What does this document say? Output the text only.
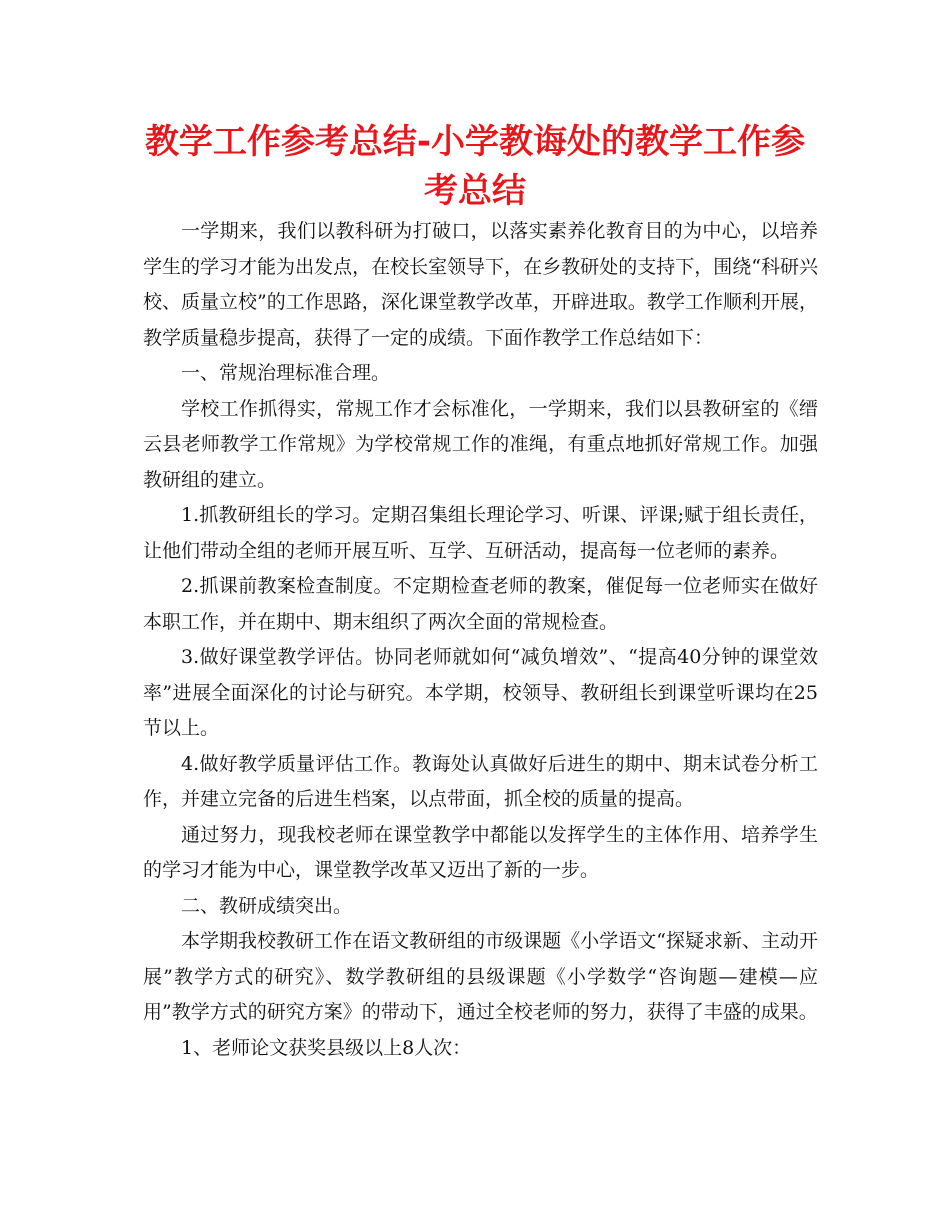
教学工作参考总结-小学教诲处的教学工作参考总结

一学期来，我们以教科研为打破口，以落实素养化教育目的为中心，以培养学生的学习才能为出发点，在校长室领导下，在乡教研处的支持下，围绕“科研兴校、质量立校”的工作思路，深化课堂教学改革，开辟进取。教学工作顺利开展，教学质量稳步提高，获得了一定的成绩。下面作教学工作总结如下：

一、常规治理标准合理。

学校工作抓得实，常规工作才会标准化，一学期来，我们以县教研室的《缙云县老师教学工作常规》为学校常规工作的准绳，有重点地抓好常规工作。加强教研组的建立。

1.抓教研组长的学习。定期召集组长理论学习、听课、评课;赋于组长责任，让他们带动全组的老师开展互听、互学、互研活动，提高每一位老师的素养。

2.抓课前教案检查制度。不定期检查老师的教案，催促每一位老师实在做好本职工作，并在期中、期末组织了两次全面的常规检查。

3.做好课堂教学评估。协同老师就如何“减负增效”、“提高40分钟的课堂效率”进展全面深化的讨论与研究。本学期，校领导、教研组长到课堂听课均在25节以上。

4.做好教学质量评估工作。教诲处认真做好后进生的期中、期末试卷分析工作，并建立完备的后进生档案，以点带面，抓全校的质量的提高。

通过努力，现我校老师在课堂教学中都能以发挥学生的主体作用、培养学生的学习才能为中心，课堂教学改革又迈出了新的一步。

二、教研成绩突出。

本学期我校教研工作在语文教研组的市级课题《小学语文“探疑求新、主动开展”教学方式的研究》、数学教研组的县级课题《小学数学“咨询题—建模—应用”教学方式的研究方案》的带动下，通过全校老师的努力，获得了丰盛的成果。

1、老师论文获奖县级以上8人次：
